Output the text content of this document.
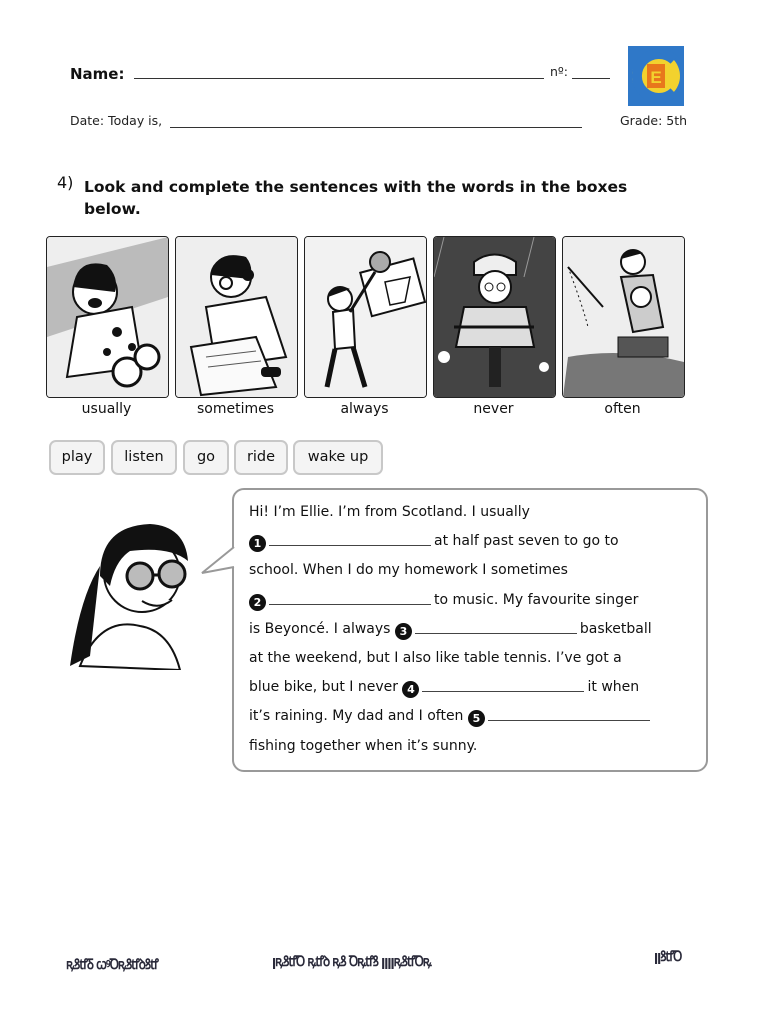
Name:	nº:	E
Date: Today is,	Grade: 5th
4) Look and complete the sentences with the words in the boxes below.
usually	sometimes	always	never	often
play	listen	go	ride	wake up
Hi! I’m Ellie. I’m from Scotland. I usually
1	at half past seven to go to
school. When I do my homework I sometimes
2	to music. My favourite singer
is Beyoncé. I always 3	basketball
at the weekend, but I also like table tennis. I’ve got a
blue bike, but I never 4	it when
it’s raining. My dad and I often 5
fishing together when it’s sunny.
ꝶꝸꝷꝽ ꞷꝰꝹꝶꝸꝷꝺꝸꝷ	ꞁꝶꝸꝷꝹ ꝶꝷꝺ ꝶꝸ Ꝺꝶꝷꝸ ꞁꞁꞁꞁꝶꝸꝷꝹꝶ	ꞁꞁꝸꝷꝹ
